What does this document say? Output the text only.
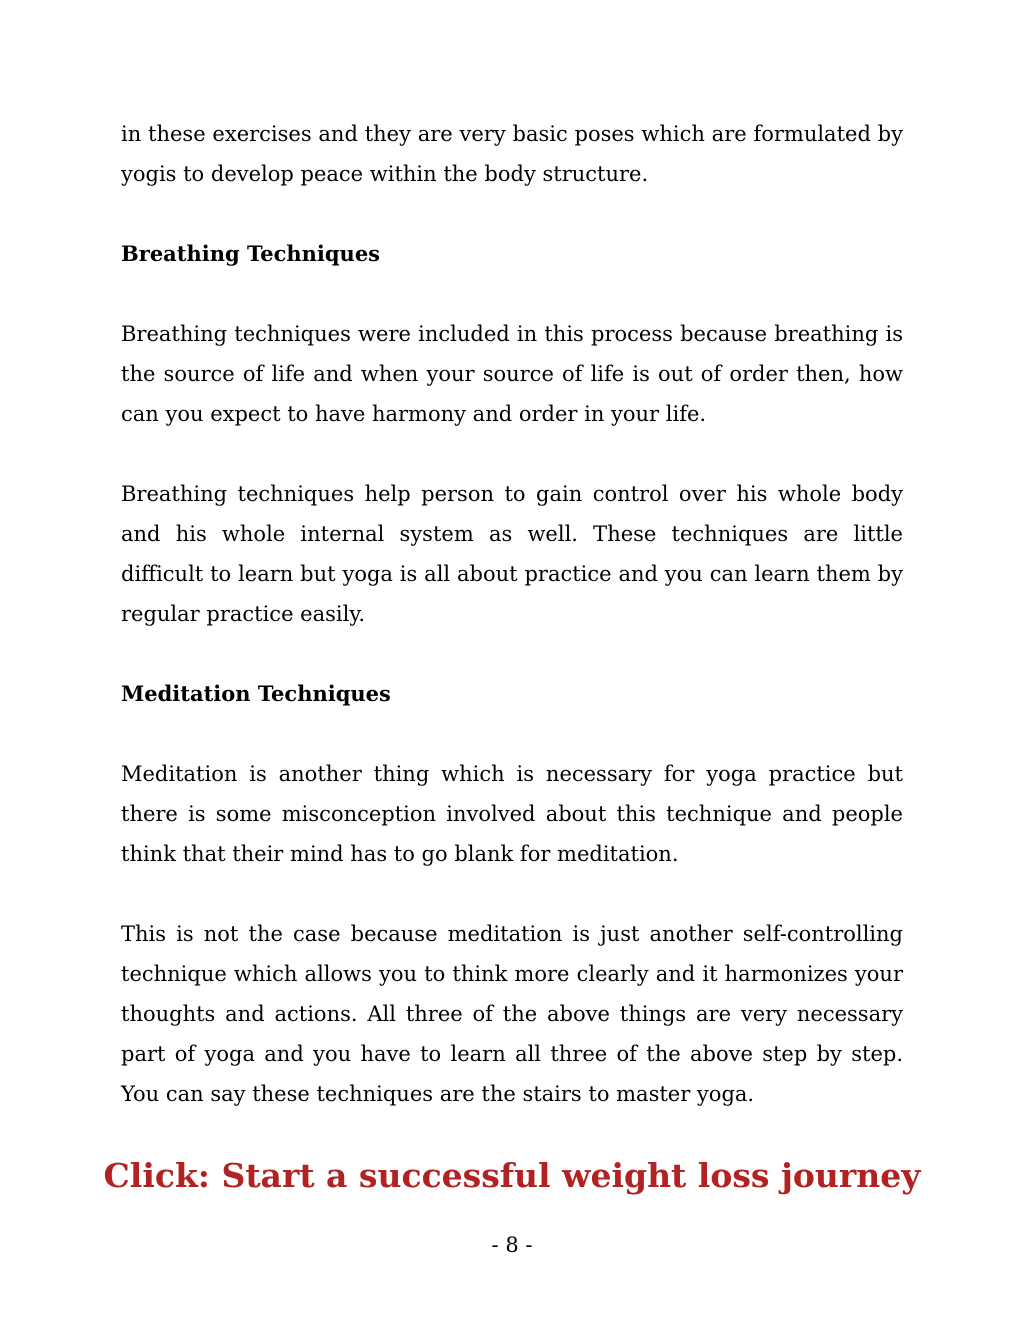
in these exercises and they are very basic poses which are formulated by yogis to develop peace within the body structure.

Breathing Techniques

Breathing techniques were included in this process because breathing is the source of life and when your source of life is out of order then, how can you expect to have harmony and order in your life.

Breathing techniques help person to gain control over his whole body and his whole internal system as well. These techniques are little difficult to learn but yoga is all about practice and you can learn them by regular practice easily.

Meditation Techniques

Meditation is another thing which is necessary for yoga practice but there is some misconception involved about this technique and people think that their mind has to go blank for meditation.

This is not the case because meditation is just another self-controlling technique which allows you to think more clearly and it harmonizes your thoughts and actions. All three of the above things are very necessary part of yoga and you have to learn all three of the above step by step. You can say these techniques are the stairs to master yoga.

Click: Start a successful weight loss journey
- 8 -
